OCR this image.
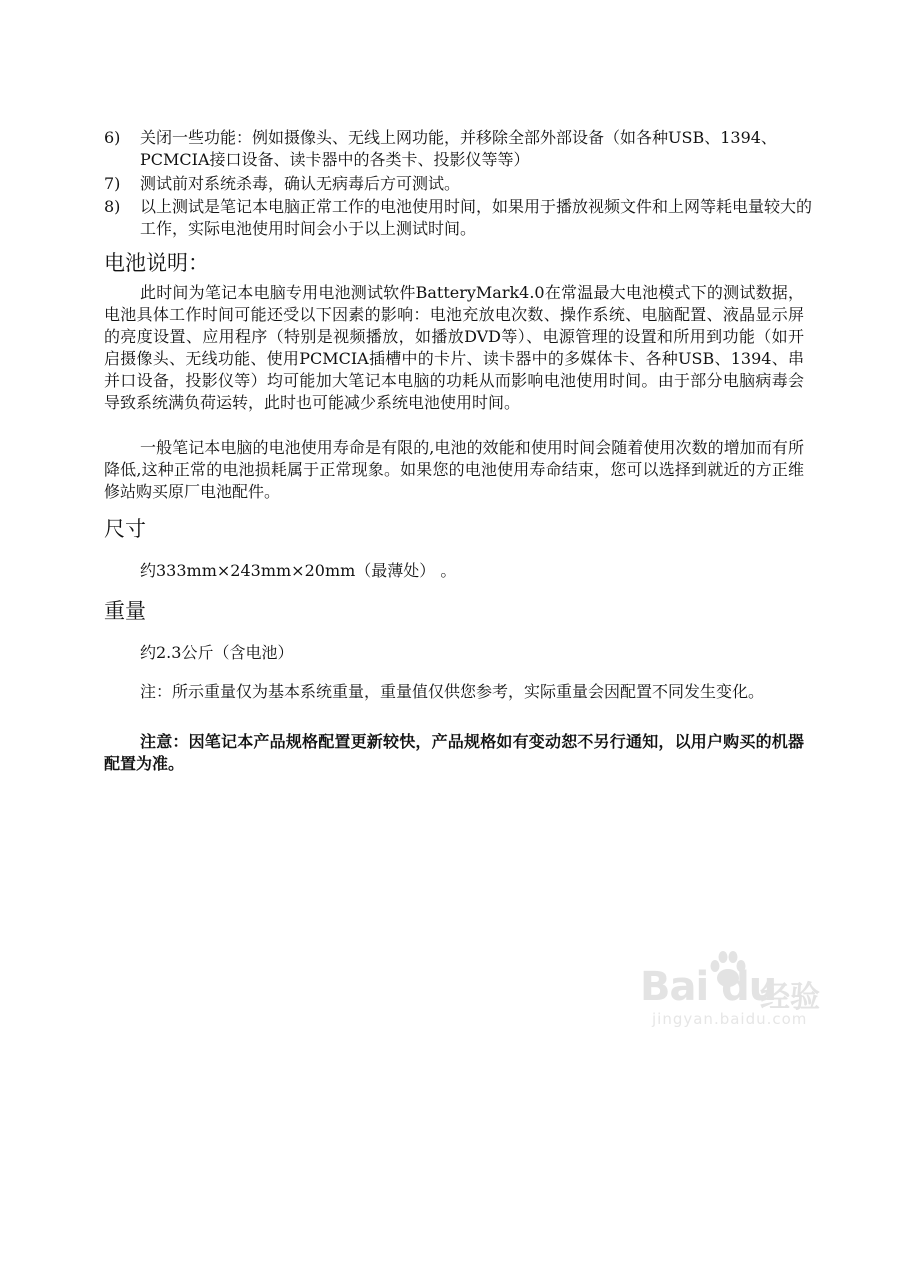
6)	关闭一些功能：例如摄像头、无线上网功能，并移除全部外部设备（如各种USB、1394、PCMCIA接口设备、读卡器中的各类卡、投影仪等等）
7)	测试前对系统杀毒，确认无病毒后方可测试。
8)	以上测试是笔记本电脑正常工作的电池使用时间，如果用于播放视频文件和上网等耗电量较大的工作，实际电池使用时间会小于以上测试时间。
电池说明：
此时间为笔记本电脑专用电池测试软件BatteryMark4.0在常温最大电池模式下的测试数据，电池具体工作时间可能还受以下因素的影响：电池充放电次数、操作系统、电脑配置、液晶显示屏的亮度设置、应用程序（特别是视频播放，如播放DVD等）、电源管理的设置和所用到功能（如开启摄像头、无线功能、使用PCMCIA插槽中的卡片、读卡器中的多媒体卡、各种USB、1394、串并口设备，投影仪等）均可能加大笔记本电脑的功耗从而影响电池使用时间。由于部分电脑病毒会导致系统满负荷运转，此时也可能减少系统电池使用时间。
一般笔记本电脑的电池使用寿命是有限的,电池的效能和使用时间会随着使用次数的增加而有所降低,这种正常的电池损耗属于正常现象。如果您的电池使用寿命结束，您可以选择到就近的方正维修站购买原厂电池配件。
尺寸
约333mm×243mm×20mm（最薄处） 。
重量
约2.3公斤（含电池）
注：所示重量仅为基本系统重量，重量值仅供您参考，实际重量会因配置不同发生变化。
注意：因笔记本产品规格配置更新较快，产品规格如有变动恕不另行通知，以用户购买的机器配置为准。
Bai du
经验
jingyan.baidu.com
